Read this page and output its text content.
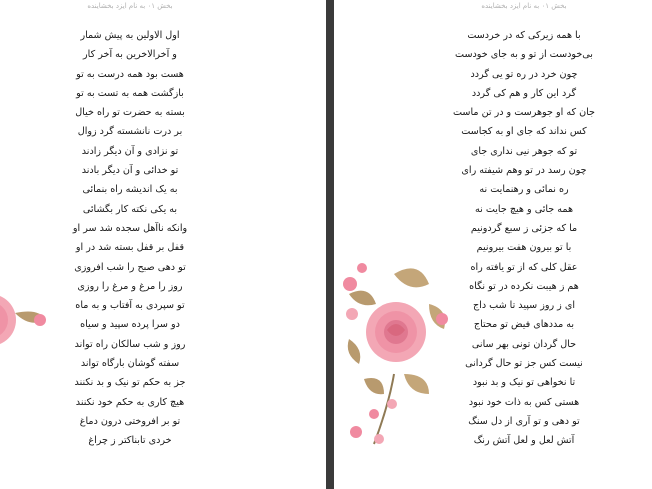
بخش ۰۱ به نام ایزد بخشاینده
اول الاولین به پیش شمار
و آخرالاخرین به آخر کار
هست بود همه درست به تو
بازگشت همه به تست به تو
بسته به حضرت تو راه خیال
بر درت نانشسته گرد زوال
تو نزادی و آن دیگر زادند
تو خدائی و آن دیگر بادند
به یک اندیشه راه بنمائی
به یکی نکته کار بگشائی
وانکه ناآهل سجده شد سر او
قفل بر قفل بسته شد در او
تو دهی صبح را شب افروزی
روز را مرغ و مرغ را روزی
تو سپردی به آفتاب و به ماه
دو سرا پرده سپید و سیاه
روز و شب سالکان راه تواند
سفته گوشان بارگاه تواند
جز به حکم تو نیک و بد نکنند
هیچ کاری به حکم خود نکنند
تو بر افروختی درون دماغ
خردی تابناکتر ز چراغ
بخش ۰۱ به نام ایزد بخشاینده
با همه زیرکی که در خردست
بی‌خودست از تو و به جای خودست
چون خرد در ره تو یی گردد
گرد این کار و هم کی گردد
جان که او جوهرست و در تن ماست
کس نداند که جای او به کجاست
تو که جوهر نیی نداری جای
چون رسد در تو وهم شیفته رای
ره نمائی و رهنمایت نه
همه جائی و هیچ جایت نه
ما که جزئی ز سبع گردونیم
با تو بیرون هفت بیرونیم
عقل کلی که از تو یافته راه
هم ز هیبت نکرده در تو نگاه
ای ز روز سپید تا شب داج
به مددهای فیض تو محتاج
حال گردان تونی بهر سانی
نیست کس جز تو حال گردانی
تا نخواهی تو نیک و بد نبود
هستی کس به ذات خود نبود
تو دهی و تو آری از دل سنگ
آتش لعل و لعل آتش رنگ
